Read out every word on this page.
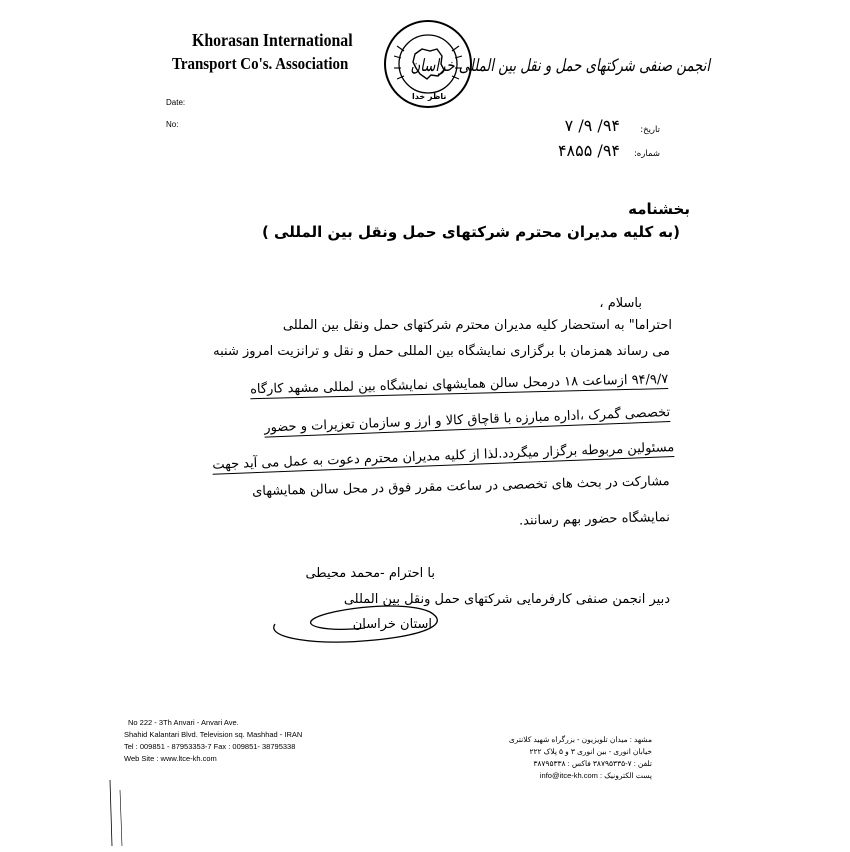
Khorasan International
Transport Co's. Association
ناظر خدا
انجمن صنفی شرکتهای حمل و نقل بین المللی خراسان
Date:
No:
تاریخ:
۹۴/ ۹/ ۷
شماره:
۹۴/ ۴۸۵۵
بخشنامه
(به کلیه مدیران محترم شرکتهای حمل ونقل بین المللی )
باسلام ،
احتراما" به استحضار کلیه مدیران محترم شرکتهای حمل ونقل بین المللی
می رساند همزمان با برگزاری نمایشگاه بین المللی حمل و نقل و ترانزیت امروز شنبه
۹۴/۹/۷ ازساعت ۱۸ درمحل سالن همایشهای نمایشگاه بین لمللی مشهد کارگاه
تخصصی گمرک ،اداره مبارزه با قاچاق کالا و ارز و سازمان تعزیرات و حضور
مسئولین مربوطه برگزار میگردد.لذا از کلیه مدیران محترم دعوت به عمل می آید جهت
مشارکت در بحث های تخصصی در ساعت مقرر فوق در محل سالن همایشهای
نمایشگاه حضور بهم رسانند.
با احترام -محمد محیطی
دبیر انجمن صنفی کارفرمایی شرکتهای حمل ونقل بین المللی
استان خراسان
No 222 - 3Th Anvari - Anvari Ave.
Shahid Kalantari Blvd. Television sq. Mashhad - IRAN
Tel : 009851 - 87953353-7 Fax : 009851- 38795338
Web Site : www.ltce-kh.com
مشهد : میدان تلویزیون - بزرگراه شهید کلانتری
خیابان انوری - بین انوری ۳ و ۵ پلاک ۲۲۲
تلفن : ۷-۳۸۷۹۵۳۳۵ فاکس : ۳۸۷۹۵۳۳۸
پست الکترونیک : info@itce-kh.com
